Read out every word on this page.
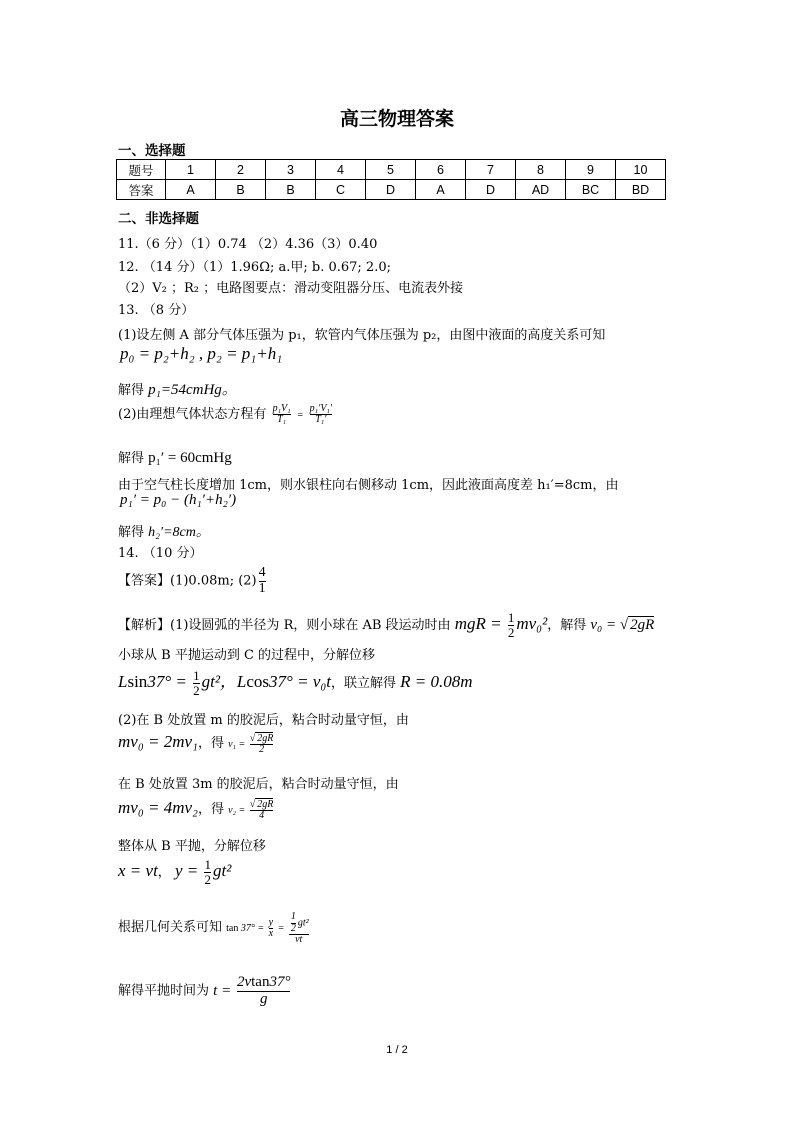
高三物理答案
一、选择题
题号	1	2	3	4	5	6	7	8	9	10
答案	A	B	B	C	D	A	D	AD	BC	BD
二、非选择题
11.（6 分）（1）0.74 （2）4.36（3）0.40
12. （14 分）（1）1.96Ω; a.甲; b. 0.67; 2.0;
（2）V₂ ；R₂ ；电路图要点：滑动变阻器分压、电流表外接
13. （8 分）
(1)设左侧 A 部分气体压强为 p₁，软管内气体压强为 p₂，由图中液面的高度关系可知
p₀ = p₂+h₂ , p₂ = p₁+h₁
解得 p₁=54cmHg。
(2)由理想气体状态方程有 $\frac{\text{p₁V₁}}{\text{T₁}} = \frac{\text{p₁′V₁′}}{\text{T₁′}}$
解得 p₁′ = 60cmHg
由于空气柱长度增加 1cm，则水银柱向右侧移动 1cm，因此液面高度差 h₁′=8cm，由
p₁′ = p₀ − (h₁′+h₂′)
解得 h₂′=8cm。
14. （10 分）
【答案】(1)0.08m; $(2) \frac{4}{1}$
【解析】(1)设圆弧的半径为 R，则小球在 AB 段运动时由 mgR = $\frac{1}{2} mv_0^2$，解得 v₀ = √ 2gR
小球从 B 平抛运动到 C 的过程中，分解位移
$Lsin37^\circ = \frac{1}{2} gt^2$，Lcos37° = v₀t，联立解得 R = 0.08m
(2)在 B 处放置 m 的胶泥后，粘合时动量守恒，由
mv₀ = 2mv₁，得 $v_1 = \frac{√ 2gR}{2}$
在 B 处放置 3m 的胶泥后，粘合时动量守恒，由
mv₀ = 4mv₂，得 $v_2 = \frac{√ 2gR}{4}$
整体从 B 平抛，分解位移
x = vt， $y = \frac{1}{2} gt^2$
根据几何关系可知 $\tan 37^\circ = \frac{y}{x} = \frac{\frac{1}{2} gt^2}{vt}$
解得平抛时间为 $t = \frac{2vtan37^\circ}{g}$
1 / 2
